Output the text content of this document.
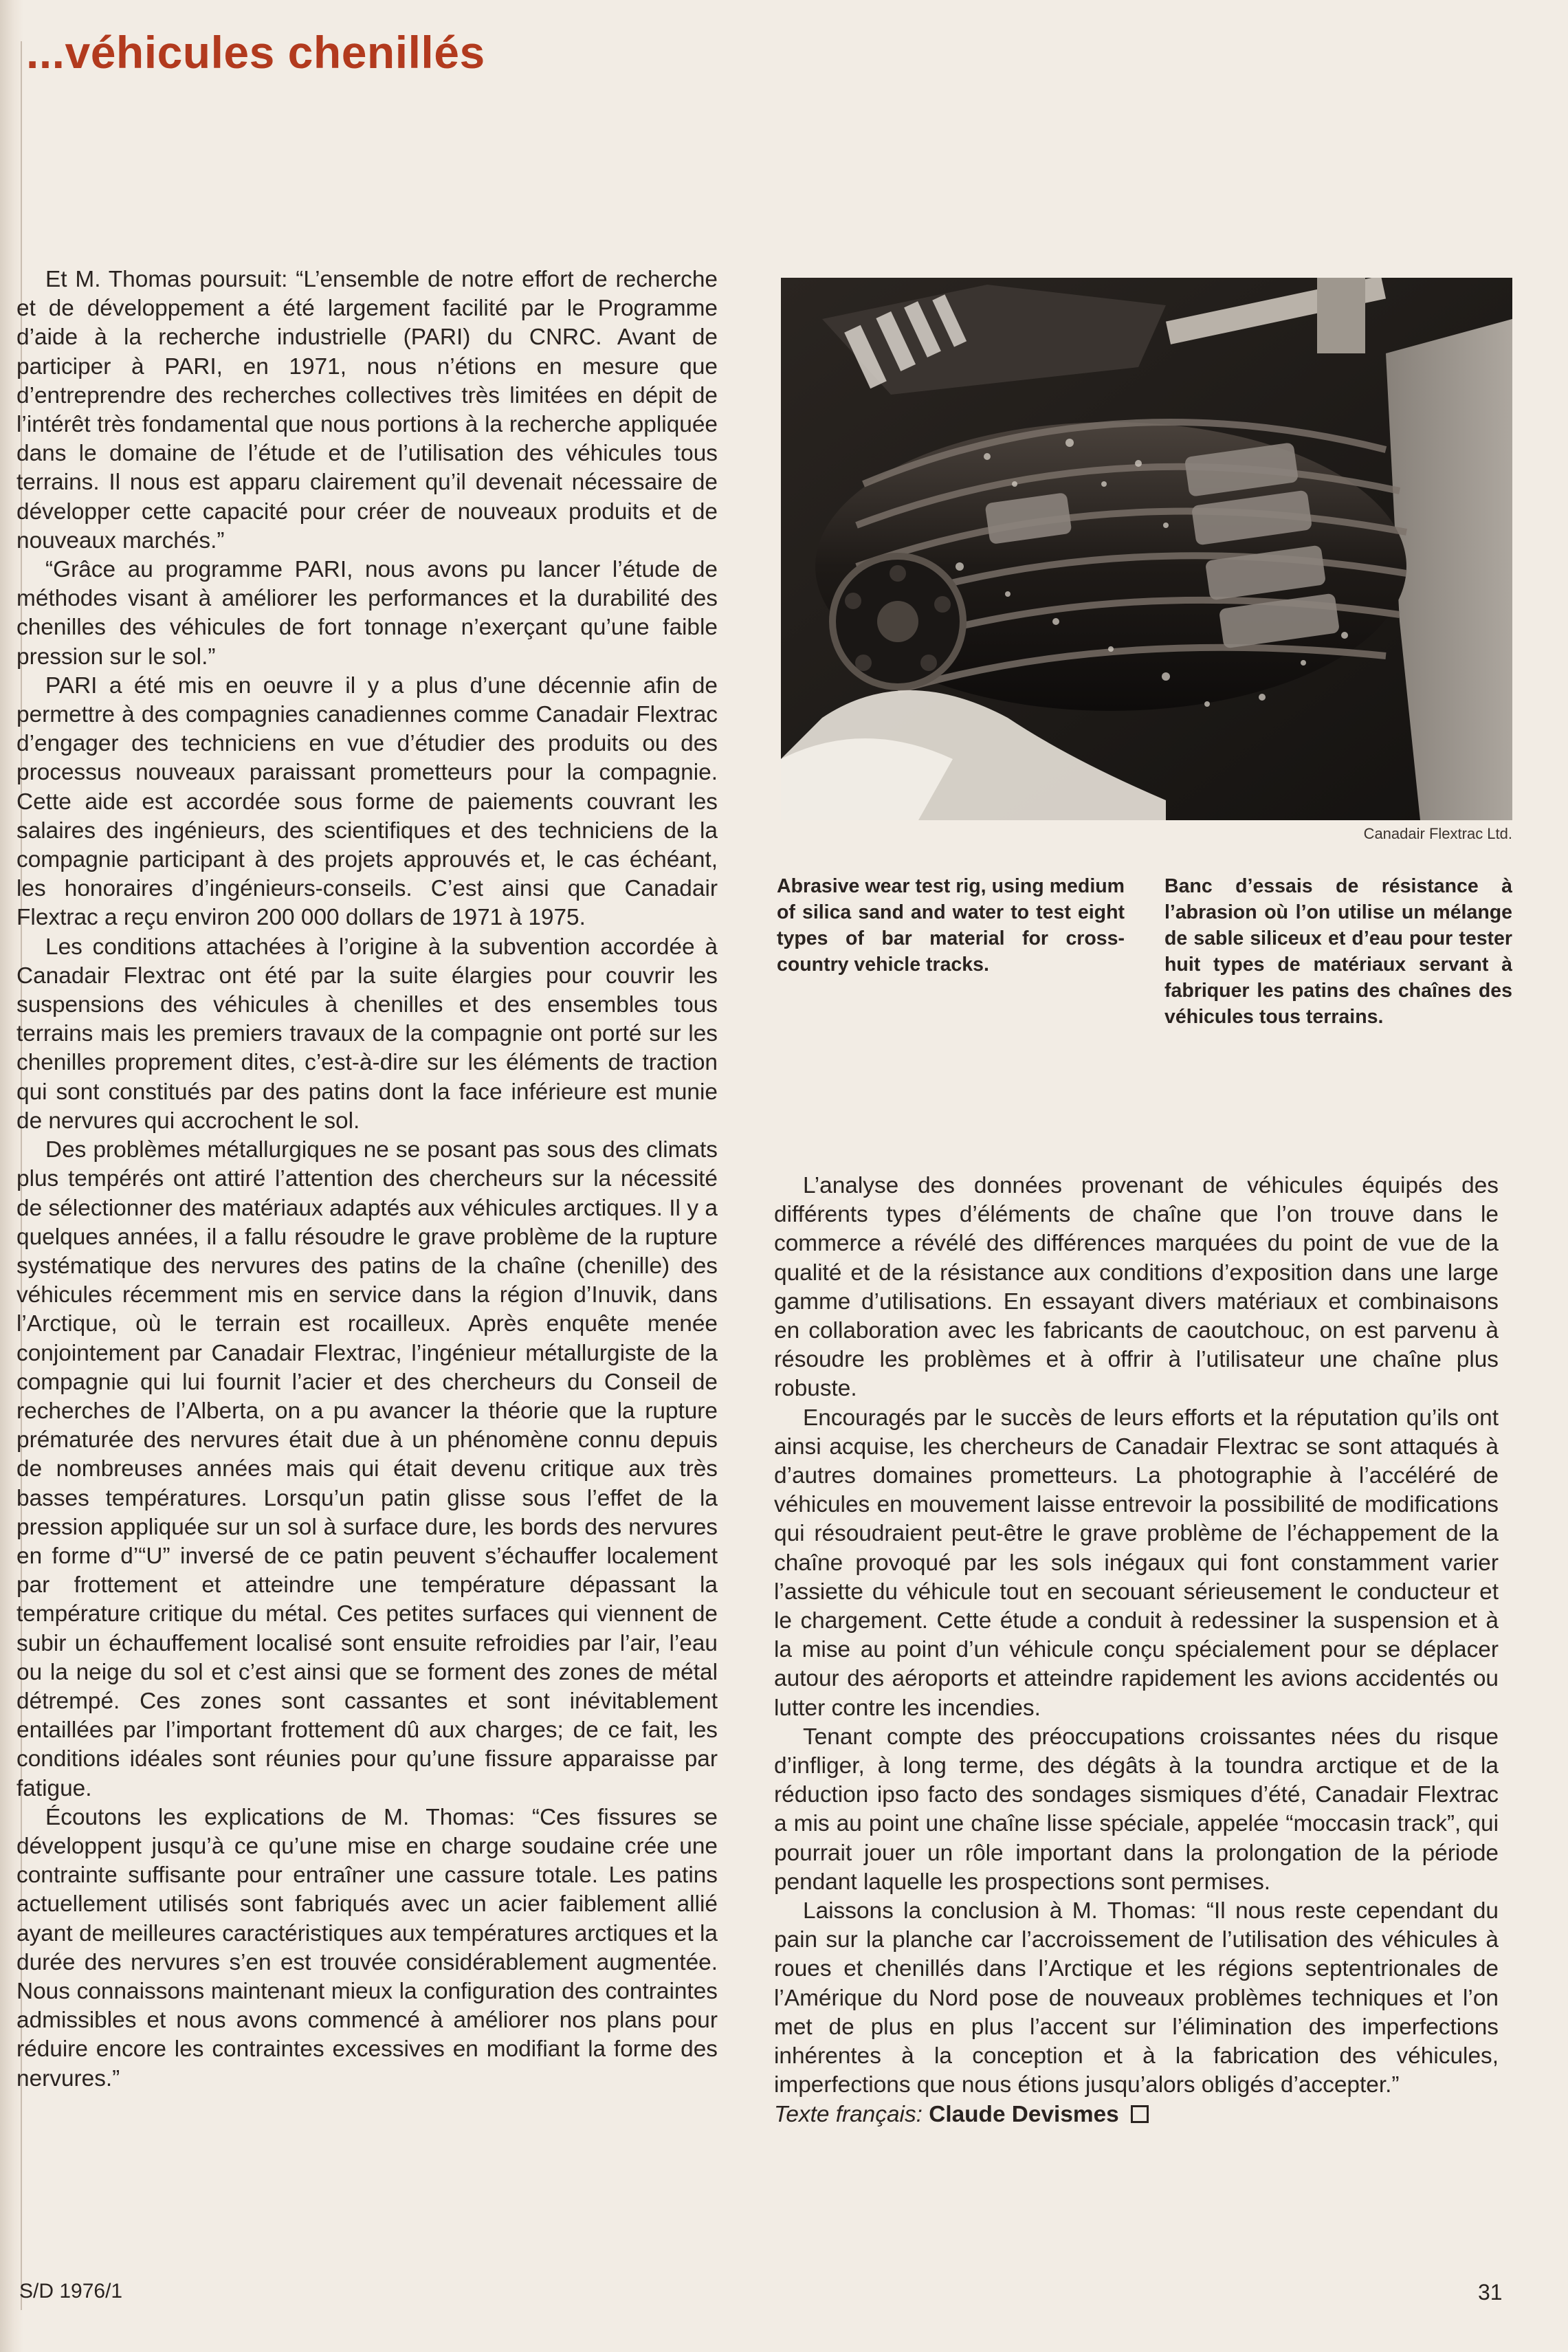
...véhicules chenillés

Et M. Thomas poursuit: “L’ensemble de notre effort de recherche et de développement a été largement facilité par le Programme d’aide à la recherche industrielle (PARI) du CNRC. Avant de participer à PARI, en 1971, nous n’étions en mesure que d’entreprendre des recherches collectives très limitées en dépit de l’intérêt très fondamental que nous portions à la recherche appliquée dans le domaine de l’étude et de l’utilisation des véhicules tous terrains. Il nous est apparu clairement qu’il devenait nécessaire de développer cette capacité pour créer de nouveaux produits et de nouveaux marchés.”

“Grâce au programme PARI, nous avons pu lancer l’étude de méthodes visant à améliorer les performances et la durabilité des chenilles des véhicules de fort tonnage n’exerçant qu’une faible pression sur le sol.”

PARI a été mis en oeuvre il y a plus d’une décennie afin de permettre à des compagnies canadiennes comme Canadair Flextrac d’engager des techniciens en vue d’étudier des produits ou des processus nouveaux paraissant prometteurs pour la compagnie. Cette aide est accordée sous forme de paiements couvrant les salaires des ingénieurs, des scientifiques et des techniciens de la compagnie participant à des projets approuvés et, le cas échéant, les honoraires d’ingénieurs-conseils. C’est ainsi que Canadair Flextrac a reçu environ 200 000 dollars de 1971 à 1975.

Les conditions attachées à l’origine à la subvention accordée à Canadair Flextrac ont été par la suite élargies pour couvrir les suspensions des véhicules à chenilles et des ensembles tous terrains mais les premiers travaux de la compagnie ont porté sur les chenilles proprement dites, c’est-à-dire sur les éléments de traction qui sont constitués par des patins dont la face inférieure est munie de nervures qui accrochent le sol.

Des problèmes métallurgiques ne se posant pas sous des climats plus tempérés ont attiré l’attention des chercheurs sur la nécessité de sélectionner des matériaux adaptés aux véhicules arctiques. Il y a quelques années, il a fallu résoudre le grave problème de la rupture systématique des nervures des patins de la chaîne (chenille) des véhicules récemment mis en service dans la région d’Inuvik, dans l’Arctique, où le terrain est rocailleux. Après enquête menée conjointement par Canadair Flextrac, l’ingénieur métallurgiste de la compagnie qui lui fournit l’acier et des chercheurs du Conseil de recherches de l’Alberta, on a pu avancer la théorie que la rupture prématurée des nervures était due à un phénomène connu depuis de nombreuses années mais qui était devenu critique aux très basses températures. Lorsqu’un patin glisse sous l’effet de la pression appliquée sur un sol à surface dure, les bords des nervures en forme d’“U” inversé de ce patin peuvent s’échauffer localement par frottement et atteindre une température dépassant la température critique du métal. Ces petites surfaces qui viennent de subir un échauffement localisé sont ensuite refroidies par l’air, l’eau ou la neige du sol et c’est ainsi que se forment des zones de métal détrempé. Ces zones sont cassantes et sont inévitablement entaillées par l’important frottement dû aux charges; de ce fait, les conditions idéales sont réunies pour qu’une fissure apparaisse par fatigue.

Écoutons les explications de M. Thomas: “Ces fissures se développent jusqu’à ce qu’une mise en charge soudaine crée une contrainte suffisante pour entraîner une cassure totale. Les patins actuellement utilisés sont fabriqués avec un acier faiblement allié ayant de meilleures caractéristiques aux températures arctiques et la durée des nervures s’en est trouvée considérablement augmentée. Nous connaissons maintenant mieux la configuration des contraintes admissibles et nous avons commencé à améliorer nos plans pour réduire encore les contraintes excessives en modifiant la forme des nervures.”

Canadair Flextrac Ltd.
Abrasive wear test rig, using medium of silica sand and water to test eight types of bar material for cross-country vehicle tracks.
Banc d’essais de résistance à l’abrasion où l’on utilise un mélange de sable siliceux et d’eau pour tester huit types de matériaux servant à fabriquer les patins des chaînes des véhicules tous terrains.

L’analyse des données provenant de véhicules équipés des différents types d’éléments de chaîne que l’on trouve dans le commerce a révélé des différences marquées du point de vue de la qualité et de la résistance aux conditions d’exposition dans une large gamme d’utilisations. En essayant divers matériaux et combinaisons en collaboration avec les fabricants de caoutchouc, on est parvenu à résoudre les problèmes et à offrir à l’utilisateur une chaîne plus robuste.

Encouragés par le succès de leurs efforts et la réputation qu’ils ont ainsi acquise, les chercheurs de Canadair Flextrac se sont attaqués à d’autres domaines prometteurs. La photographie à l’accéléré de véhicules en mouvement laisse entrevoir la possibilité de modifications qui résoudraient peut-être le grave problème de l’échappement de la chaîne provoqué par les sols inégaux qui font constamment varier l’assiette du véhicule tout en secouant sérieusement le conducteur et le chargement. Cette étude a conduit à redessiner la suspension et à la mise au point d’un véhicule conçu spécialement pour se déplacer autour des aéroports et atteindre rapidement les avions accidentés ou lutter contre les incendies.

Tenant compte des préoccupations croissantes nées du risque d’infliger, à long terme, des dégâts à la toundra arctique et de la réduction ipso facto des sondages sismiques d’été, Canadair Flextrac a mis au point une chaîne lisse spéciale, appelée “moccasin track”, qui pourrait jouer un rôle important dans la prolongation de la période pendant laquelle les prospections sont permises.

Laissons la conclusion à M. Thomas: “Il nous reste cependant du pain sur la planche car l’accroissement de l’utilisation des véhicules à roues et chenillés dans l’Arctique et les régions septentrionales de l’Amérique du Nord pose de nouveaux problèmes techniques et l’on met de plus en plus l’accent sur l’élimination des imperfections inhérentes à la conception et à la fabrication des véhicules, imperfections que nous étions jusqu’alors obligés d’accepter.”

Texte français: Claude Devismes

S/D 1976/1	31
